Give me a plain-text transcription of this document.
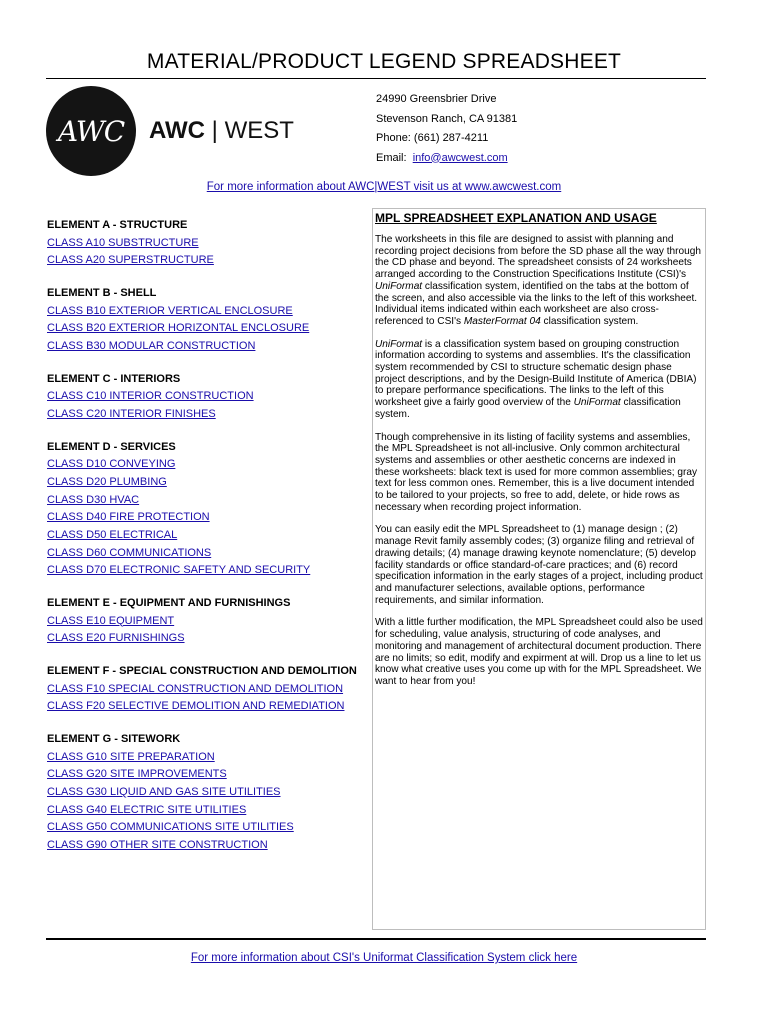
MATERIAL/PRODUCT LEGEND SPREADSHEET
AWC AWC | WEST
24990 Greensbrier Drive
Stevenson Ranch, CA 91381
Phone: (661) 287-4211
Email: info@awcwest.com
For more information about AWC|WEST visit us at www.awcwest.com
ELEMENT A - STRUCTURE
CLASS A10 SUBSTRUCTURE
CLASS A20 SUPERSTRUCTURE
ELEMENT B - SHELL
CLASS B10 EXTERIOR VERTICAL ENCLOSURE
CLASS B20 EXTERIOR HORIZONTAL ENCLOSURE
CLASS B30 MODULAR CONSTRUCTION
ELEMENT C - INTERIORS
CLASS C10 INTERIOR CONSTRUCTION
CLASS C20 INTERIOR FINISHES
ELEMENT D - SERVICES
CLASS D10 CONVEYING
CLASS D20 PLUMBING
CLASS D30 HVAC
CLASS D40 FIRE PROTECTION
CLASS D50 ELECTRICAL
CLASS D60 COMMUNICATIONS
CLASS D70 ELECTRONIC SAFETY AND SECURITY
ELEMENT E - EQUIPMENT AND FURNISHINGS
CLASS E10 EQUIPMENT
CLASS E20 FURNISHINGS
ELEMENT F - SPECIAL CONSTRUCTION AND DEMOLITION
CLASS F10 SPECIAL CONSTRUCTION AND DEMOLITION
CLASS F20 SELECTIVE DEMOLITION AND REMEDIATION
ELEMENT G - SITEWORK
CLASS G10 SITE PREPARATION
CLASS G20 SITE IMPROVEMENTS
CLASS G30 LIQUID AND GAS SITE UTILITIES
CLASS G40 ELECTRIC SITE UTILITIES
CLASS G50 COMMUNICATIONS SITE UTILITIES
CLASS G90 OTHER SITE CONSTRUCTION
MPL SPREADSHEET EXPLANATION AND USAGE

The worksheets in this file are designed to assist with planning and recording project decisions from before the SD phase all the way through the CD phase and beyond. The spreadsheet consists of 24 worksheets arranged according to the Construction Specifications Institute (CSI)'s UniFormat classification system, identified on the tabs at the bottom of the screen, and also accessible via the links to the left of this worksheet. Individual items indicated within each worksheet are also cross-referenced to CSI's MasterFormat 04 classification system.

UniFormat is a classification system based on grouping construction information according to systems and assemblies. It's the classification system recommended by CSI to structure schematic design phase project descriptions, and by the Design-Build Institute of America (DBIA) to prepare performance specifications. The links to the left of this worksheet give a fairly good overview of the UniFormat classification system.

Though comprehensive in its listing of facility systems and assemblies, the MPL Spreadsheet is not all-inclusive. Only common architectural systems and assemblies or other aesthetic concerns are indexed in these worksheets: black text is used for more common assemblies; gray text for less common ones. Remember, this is a live document intended to be tailored to your projects, so free to add, delete, or hide rows as necessary when recording project information.

You can easily edit the MPL Spreadsheet to (1) manage design ; (2) manage Revit family assembly codes; (3) organize filing and retrieval of drawing details; (4) manage drawing keynote nomenclature; (5) develop facility standards or office standard-of-care practices; and (6) record specification information in the early stages of a project, including product and manufacturer selections, available options, performance requirements, and similar information.

With a little further modification, the MPL Spreadsheet could also be used for scheduling, value analysis, structuring of code analyses, and monitoring and management of architectural document production. There are no limits; so edit, modify and expirment at will. Drop us a line to let us know what creative uses you come up with for the MPL Spreadsheet. We want to hear from you!

For more information about CSI's Uniformat Classification System click here
